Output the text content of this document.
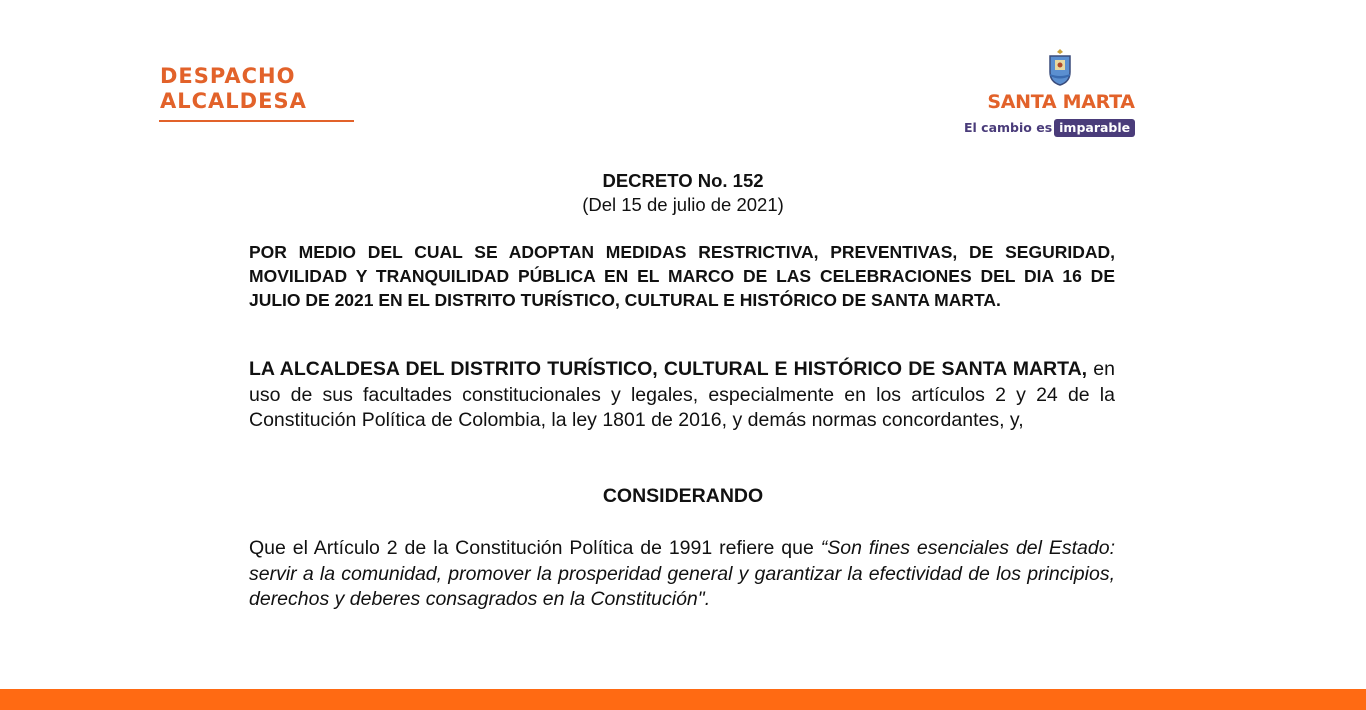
DESPACHO
ALCALDESA	SANTA MARTA
El cambio es imparable
DECRETO No. 152
(Del 15 de julio de 2021)
POR MEDIO DEL CUAL SE ADOPTAN MEDIDAS RESTRICTIVA, PREVENTIVAS, DE SEGURIDAD, MOVILIDAD Y TRANQUILIDAD PÚBLICA EN EL MARCO DE LAS CELEBRACIONES DEL DIA 16 DE JULIO DE 2021 EN EL DISTRITO TURÍSTICO, CULTURAL E HISTÓRICO DE SANTA MARTA.
LA ALCALDESA DEL DISTRITO TURÍSTICO, CULTURAL E HISTÓRICO DE SANTA MARTA, en uso de sus facultades constitucionales y legales, especialmente en los artículos 2 y 24 de la Constitución Política de Colombia, la ley 1801 de 2016, y demás normas concordantes, y,
CONSIDERANDO
Que el Artículo 2 de la Constitución Política de 1991 refiere que “Son fines esenciales del Estado: servir a la comunidad, promover la prosperidad general y garantizar la efectividad de los principios, derechos y deberes consagrados en la Constitución".
